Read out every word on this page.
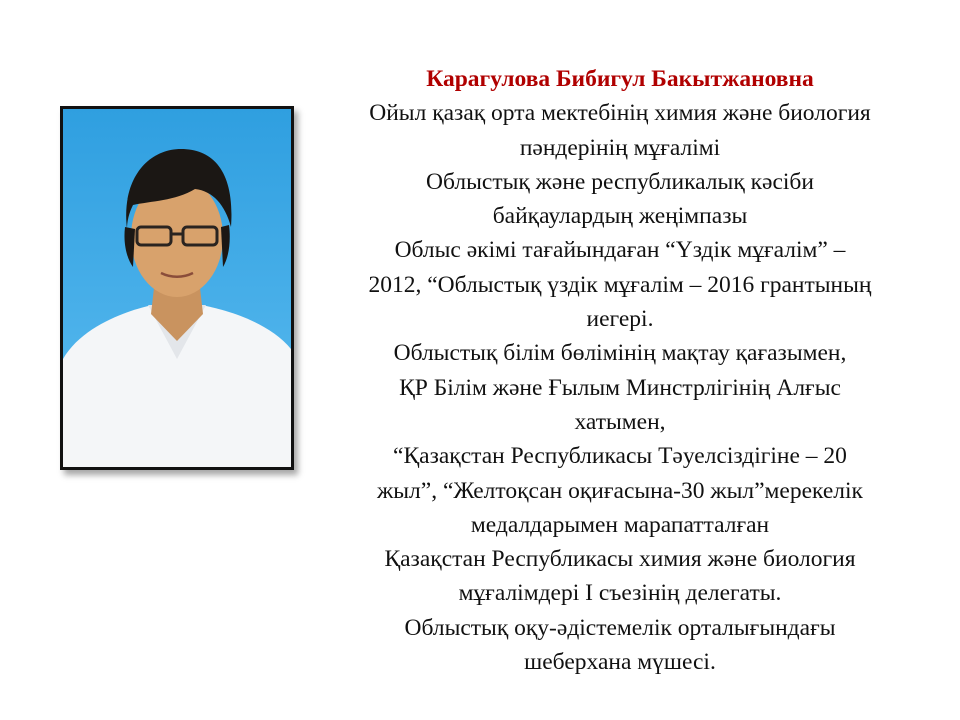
Карагулова Бибигул Бакытжановна
Ойыл қазақ орта мектебінің химия және биология
пәндерінің мұғалімі
Облыстық және республикалық кәсіби
байқаулардың жеңімпазы
Облыс әкімі тағайындаған “Үздік мұғалім” –
2012, “Облыстық үздік мұғалім – 2016 грантының
иегері.
Облыстық білім бөлімінің мақтау қағазымен,
ҚР Білім және Ғылым Минстрлігінің Алғыс
хатымен,
“Қазақстан Республикасы Тәуелсіздігіне – 20
жыл”, “Желтоқсан оқиғасына-30 жыл”мерекелік
медалдарымен марапатталған
Қазақстан Республикасы химия және биология
мұғалімдері I съезінің делегаты.
Облыстық оқу-әдістемелік орталығындағы
шеберхана мүшесі.
